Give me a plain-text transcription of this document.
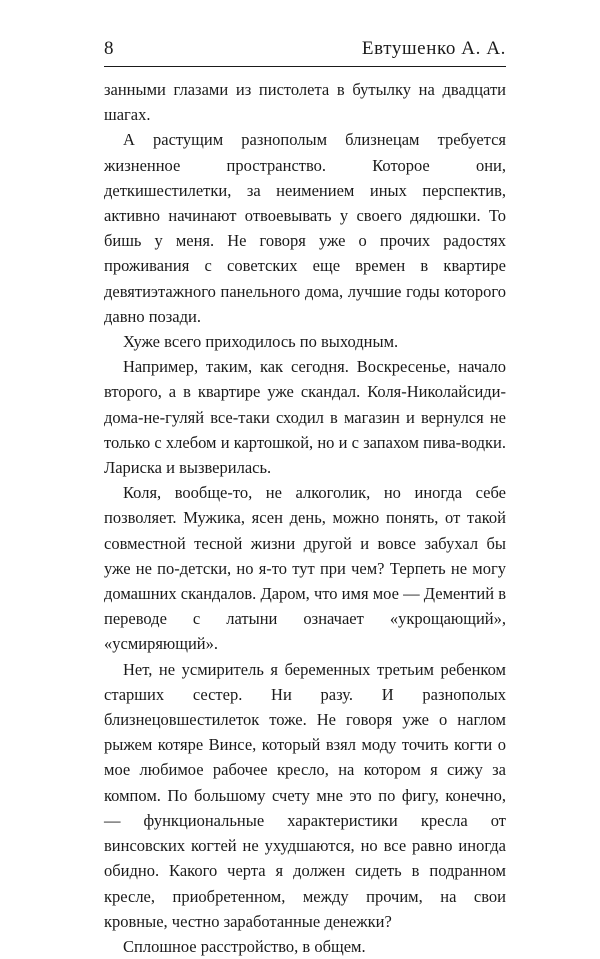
8	Евтушенко А. А.

занными глазами из пистолета в бутылку на двадцати шагах.

А растущим разнополым близнецам требуется жизненное пространство. Которое они, деткишестилетки, за неимением иных перспектив, активно начинают отвоевывать у своего дядюшки. То бишь у меня. Не говоря уже о прочих радостях проживания с советских еще времен в квартире девятиэтажного панельного дома, лучшие годы которого давно позади.

Хуже всего приходилось по выходным.

Например, таким, как сегодня. Воскресенье, начало второго, а в квартире уже скандал. Коля-Николайсиди-дома-не-гуляй все-таки сходил в магазин и вернулся не только с хлебом и картошкой, но и с запахом пива-водки. Лариска и вызверилась.

Коля, вообще-то, не алкоголик, но иногда себе позволяет. Мужика, ясен день, можно понять, от такой совместной тесной жизни другой и вовсе забухал бы уже не по-детски, но я-то тут при чем? Терпеть не могу домашних скандалов. Даром, что имя мое — Дементий в переводе с латыни означает «укрощающий», «усмиряющий».

Нет, не усмиритель я беременных третьим ребенком старших сестер. Ни разу. И разнополых близнецовшестилеток тоже. Не говоря уже о наглом рыжем котяре Винсе, который взял моду точить когти о мое любимое рабочее кресло, на котором я сижу за компом. По большому счету мне это по фигу, конечно, — функциональные характеристики кресла от винсовских когтей не ухудшаются, но все равно иногда обидно. Какого черта я должен сидеть в подранном кресле, приобретенном, между прочим, на свои кровные, честно заработанные денежки?

Сплошное расстройство, в общем.
